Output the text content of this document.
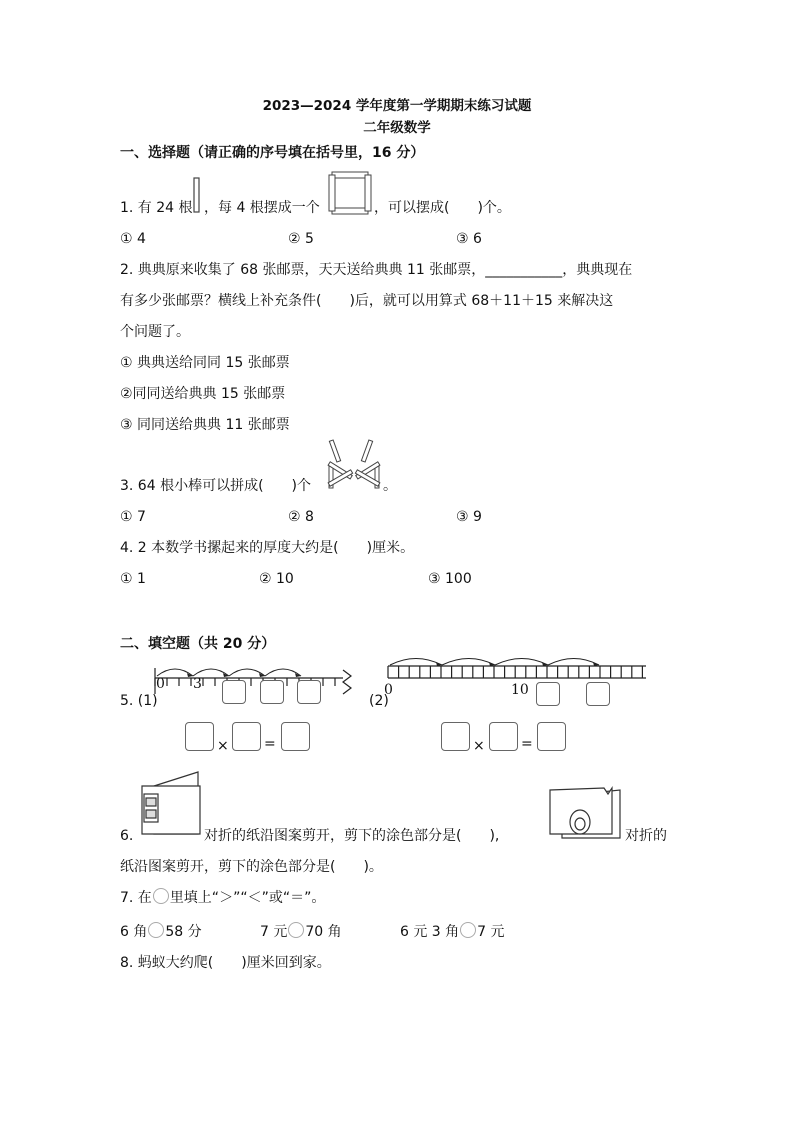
2023—2024 学年度第一学期期末练习试题
二年级数学
一、选择题（请正确的序号填在括号里，16 分）
1. 有 24 根 ，每 4 根摆成一个	，可以摆成(　　)个。
① 4	② 5	③ 6
2. 典典原来收集了 68 张邮票，天天送给典典 11 张邮票，___________，典典现在
有多少张邮票？横线上补充条件(　　)后，就可以用算式 68＋11＋15 来解决这
个问题了。
① 典典送给同同 15 张邮票
②同同送给典典 15 张邮票
③ 同同送给典典 11 张邮票
3. 64 根小棒可以拼成(　　)个	。
① 7	② 8	③ 9
4. 2 本数学书摞起来的厚度大约是(　　)厘米。
① 1	② 10	③ 100
二、填空题（共 20 分）
0 3
5. (1)
×	=
(2)
0	10
×	=
6.	对折的纸沿图案剪开，剪下的涂色部分是(　　),	对折的
纸沿图案剪开，剪下的涂色部分是(　　)。
7. 在 里填上“＞”“＜”或“＝”。
6 角 58 分	7 元 70 角	6 元 3 角 7 元
8. 蚂蚁大约爬(　　)厘米回到家。
